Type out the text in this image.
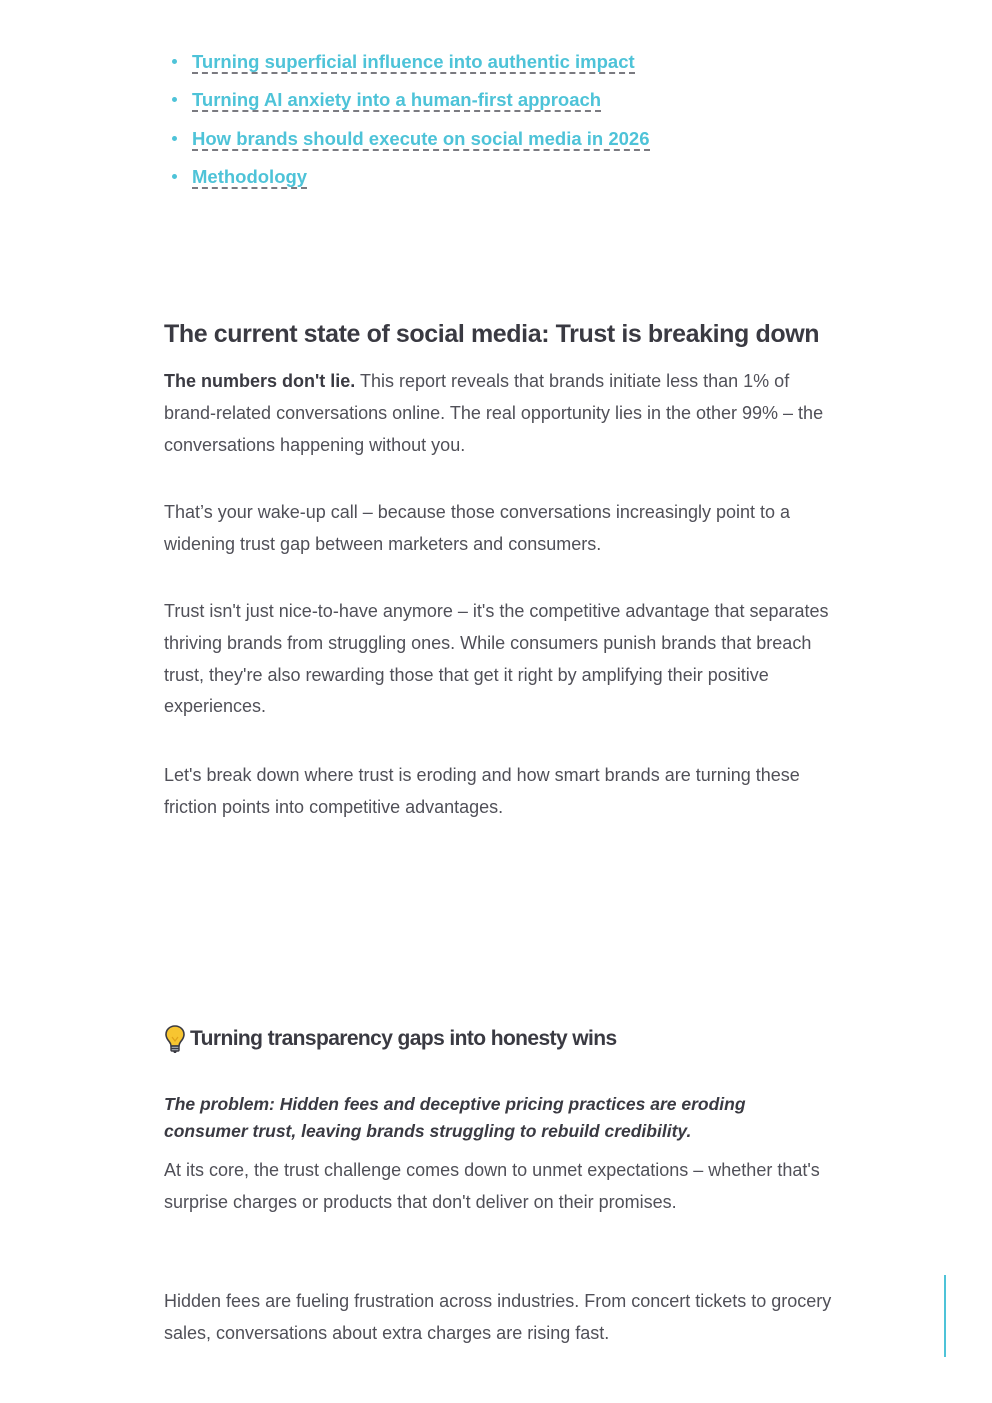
Turning superficial influence into authentic impact
Turning AI anxiety into a human-first approach
How brands should execute on social media in 2026
Methodology
The current state of social media: Trust is breaking down

The numbers don't lie. This report reveals that brands initiate less than 1% of brand-related conversations online. The real opportunity lies in the other 99% – the conversations happening without you.

That’s your wake-up call – because those conversations increasingly point to a widening trust gap between marketers and consumers.

Trust isn't just nice-to-have anymore – it's the competitive advantage that separates thriving brands from struggling ones. While consumers punish brands that breach trust, they're also rewarding those that get it right by amplifying their positive experiences.

Let's break down where trust is eroding and how smart brands are turning these friction points into competitive advantages.

Turning transparency gaps into honesty wins

The problem: Hidden fees and deceptive pricing practices are eroding consumer trust, leaving brands struggling to rebuild credibility.

At its core, the trust challenge comes down to unmet expectations – whether that's surprise charges or products that don't deliver on their promises.

Hidden fees are fueling frustration across industries. From concert tickets to grocery sales, conversations about extra charges are rising fast.
